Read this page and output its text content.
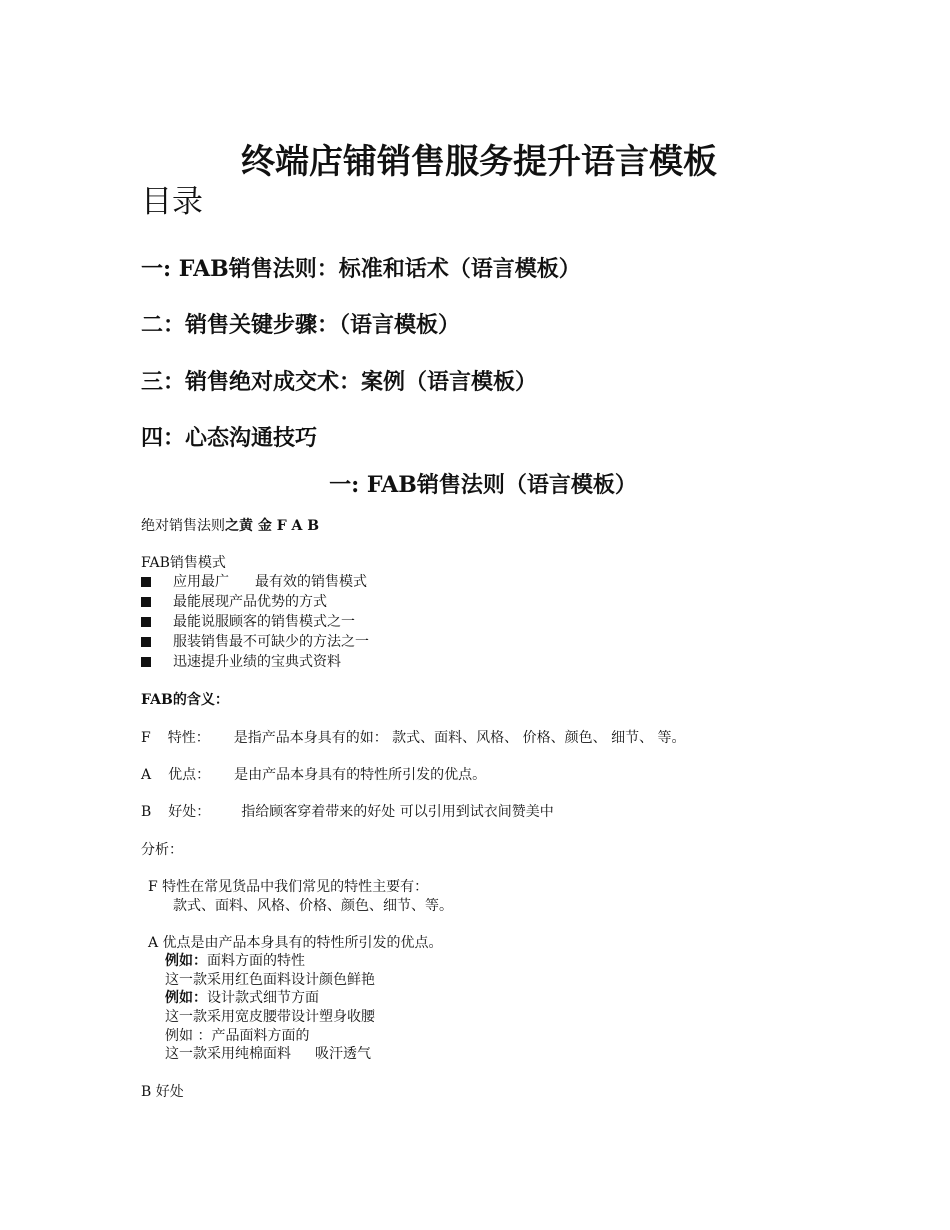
终端店铺销售服务提升语言模板
目录
一: FAB销售法则：标准和话术（语言模板）
二：销售关键步骤：（语言模板）
三：销售绝对成交术：案例（语言模板）
四：心态沟通技巧
一: FAB销售法则（语言模板）
绝对销售法则之黄 金 F A B
FAB销售模式
应用最广 最有效的销售模式
最能展现产品优势的方式
最能说服顾客的销售模式之一
服装销售最不可缺少的方法之一
迅速提升业绩的宝典式资料
FAB的含义：
F 特性： 是指产品本身具有的如： 款式、面料、风格、 价格、颜色、 细节、 等。
A 优点： 是由产品本身具有的特性所引发的优点。
B 好处： 指给顾客穿着带来的好处 可以引用到试衣间赞美中
分析：
F 特性在常见货品中我们常见的特性主要有：
款式、面料、风格、价格、颜色、细节、等。
A 优点是由产品本身具有的特性所引发的优点。
例如：面料方面的特性
这一款采用红色面料设计颜色鲜艳
例如：设计款式细节方面
这一款采用宽皮腰带设计塑身收腰
例如 ：产品面料方面的
这一款采用纯棉面料 吸汗透气
B 好处
